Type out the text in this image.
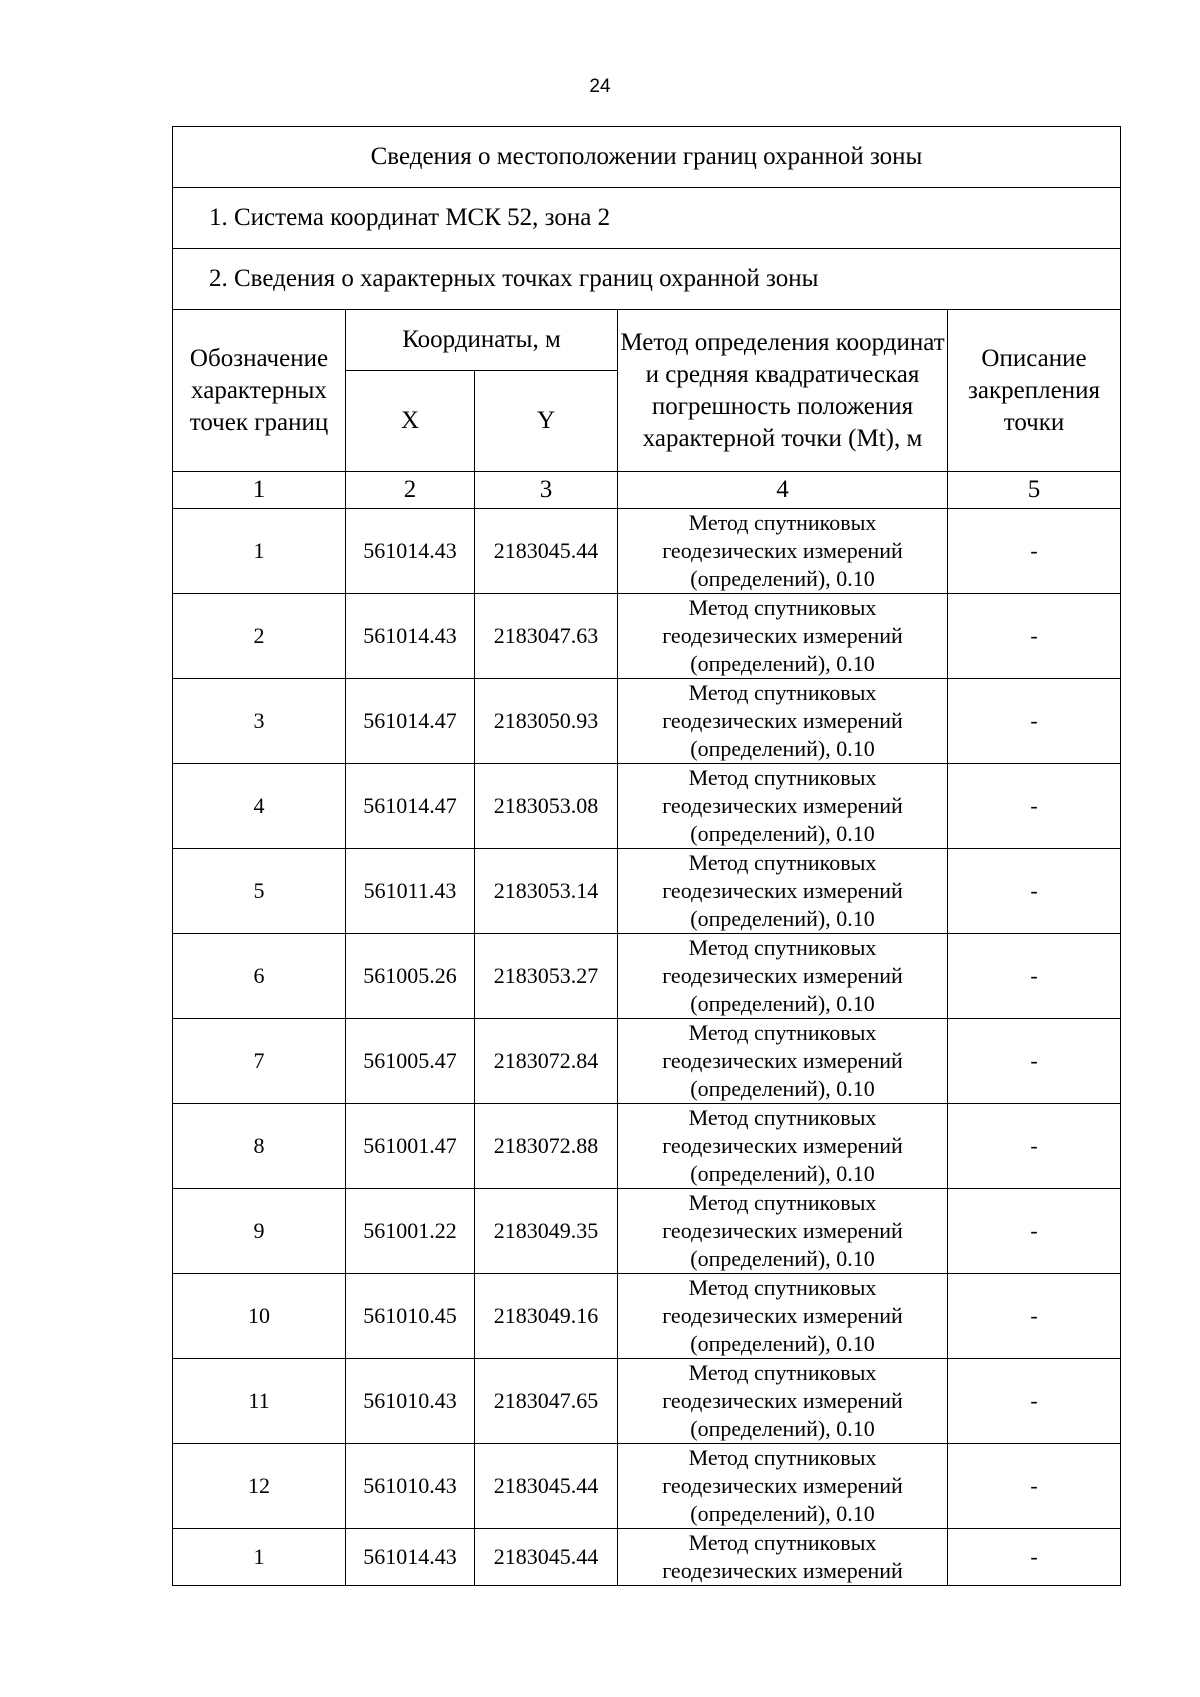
24
Сведения о местоположении границ охранной зоны				
1. Система координат МСК 52, зона 2				
2. Сведения о характерных точках границ охранной зоны				
Обозначение характерных точек границ	Координаты, м		Метод определения координат и средняя квадратическая погрешность положения характерной точки (Mt), м	Описание закрепления точки
	X	Y		
1	2	3	4	5
1	561014.43	2183045.44	Метод спутниковых
геодезических измерений
(определений), 0.10	-
2	561014.43	2183047.63	Метод спутниковых
геодезических измерений
(определений), 0.10	-
3	561014.47	2183050.93	Метод спутниковых
геодезических измерений
(определений), 0.10	-
4	561014.47	2183053.08	Метод спутниковых
геодезических измерений
(определений), 0.10	-
5	561011.43	2183053.14	Метод спутниковых
геодезических измерений
(определений), 0.10	-
6	561005.26	2183053.27	Метод спутниковых
геодезических измерений
(определений), 0.10	-
7	561005.47	2183072.84	Метод спутниковых
геодезических измерений
(определений), 0.10	-
8	561001.47	2183072.88	Метод спутниковых
геодезических измерений
(определений), 0.10	-
9	561001.22	2183049.35	Метод спутниковых
геодезических измерений
(определений), 0.10	-
10	561010.45	2183049.16	Метод спутниковых
геодезических измерений
(определений), 0.10	-
11	561010.43	2183047.65	Метод спутниковых
геодезических измерений
(определений), 0.10	-
12	561010.43	2183045.44	Метод спутниковых
геодезических измерений
(определений), 0.10	-
1	561014.43	2183045.44	Метод спутниковых
геодезических измерений	-
